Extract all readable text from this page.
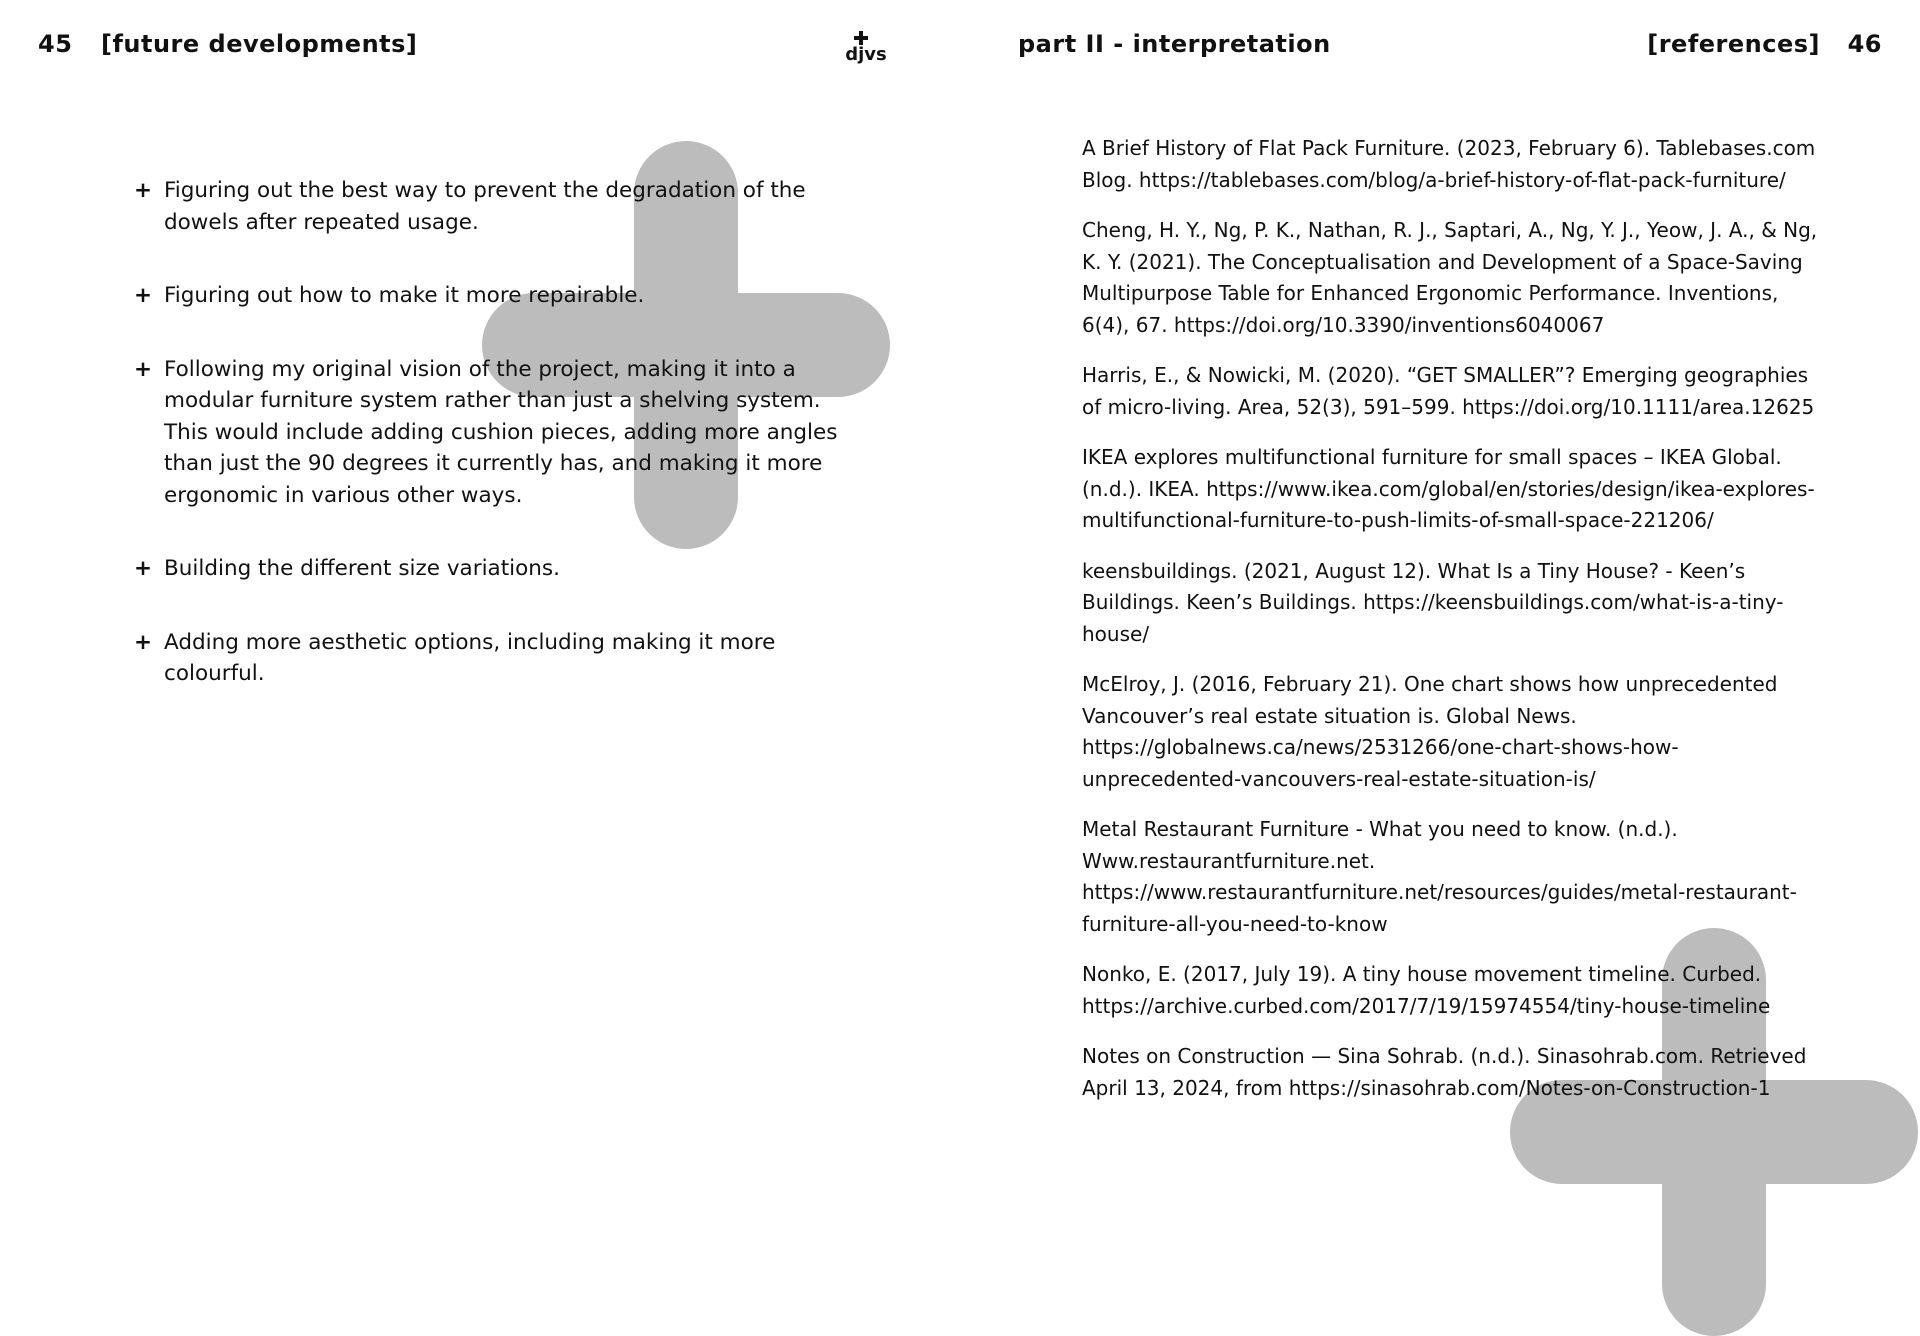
45 [future developments]	djvs	part II - interpretation	[references] 46
+ Figuring out the best way to prevent the degradation of the dowels after repeated usage.
+ Figuring out how to make it more repairable.
+ Following my original vision of the project, making it into a modular furniture system rather than just a shelving system. This would include adding cushion pieces, adding more angles than just the 90 degrees it currently has, and making it more ergonomic in various other ways.
+ Building the different size variations.
+ Adding more aesthetic options, including making it more colourful.
A Brief History of Flat Pack Furniture. (2023, February 6). Tablebases.com Blog. https://tablebases.com/blog/a-brief-history-of-flat-pack-furniture/
Cheng, H. Y., Ng, P. K., Nathan, R. J., Saptari, A., Ng, Y. J., Yeow, J. A., & Ng, K. Y. (2021). The Conceptualisation and Development of a Space-Saving Multipurpose Table for Enhanced Ergonomic Performance. Inventions, 6(4), 67. https://doi.org/10.3390/inventions6040067
Harris, E., & Nowicki, M. (2020). “GET SMALLER”? Emerging geographies of micro-living. Area, 52(3), 591–599. https://doi.org/10.1111/area.12625
IKEA explores multifunctional furniture for small spaces – IKEA Global. (n.d.). IKEA. https://www.ikea.com/global/en/stories/design/ikea-explores-multifunctional-furniture-to-push-limits-of-small-space-221206/
keensbuildings. (2021, August 12). What Is a Tiny House? - Keen’s Buildings. Keen’s Buildings. https://keensbuildings.com/what-is-a-tiny-house/
McElroy, J. (2016, February 21). One chart shows how unprecedented Vancouver’s real estate situation is. Global News. https://globalnews.ca/news/2531266/one-chart-shows-how-unprecedented-vancouvers-real-estate-situation-is/
Metal Restaurant Furniture - What you need to know. (n.d.). Www.restaurantfurniture.net. https://www.restaurantfurniture.net/resources/guides/metal-restaurant-furniture-all-you-need-to-know
Nonko, E. (2017, July 19). A tiny house movement timeline. Curbed. https://archive.curbed.com/2017/7/19/15974554/tiny-house-timeline
Notes on Construction — Sina Sohrab. (n.d.). Sinasohrab.com. Retrieved April 13, 2024, from https://sinasohrab.com/Notes-on-Construction-1
